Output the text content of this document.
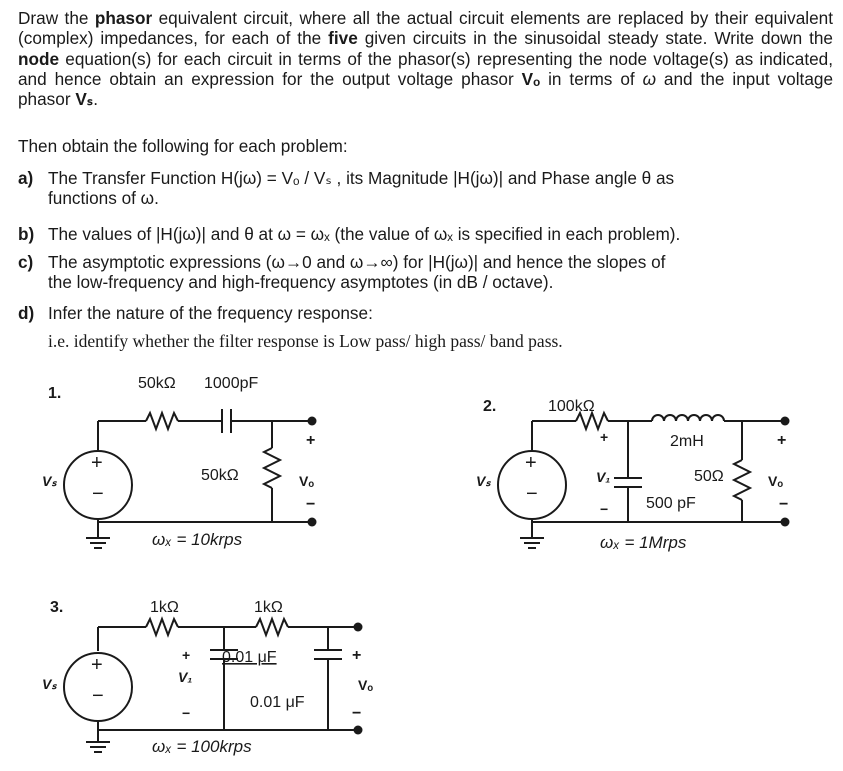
Draw the phasor equivalent circuit, where all the actual circuit elements are replaced by their equivalent (complex) impedances, for each of the five given circuits in the sinusoidal steady state. Write down the node equation(s) for each circuit in terms of the phasor(s) representing the node voltage(s) as indicated, and hence obtain an expression for the output voltage phasor Vₒ in terms of ω and the input voltage phasor Vₛ.
Then obtain the following for each problem:
a) The Transfer Function H(jω) = Vₒ / Vₛ , its Magnitude |H(jω)| and Phase angle θ as
functions of ω.
b) The values of |H(jω)| and θ at ω = ωₓ (the value of ωₓ is specified in each problem).
c) The asymptotic expressions (ω→0 and ω→∞) for |H(jω)| and hence the slopes of
the low-frequency and high-frequency asymptotes (in dB / octave).
d) Infer the nature of the frequency response:
i.e. identify whether the filter response is Low pass/ high pass/ band pass.
1.
50kΩ 1000pF
50kΩ
Vₛ	Vₒ
+
−
+
−
ωₓ = 10krps
2.	100kΩ
2mH
50Ω
500 pF
V₁
Vₛ	Vₒ
+
−
+
−
+
−
ωₓ = 1Mrps
3.	1kΩ	1kΩ
0.01 μF
0.01 μF
V₁
Vₛ	Vₒ
+
−
+
−
+
−
ωₓ = 100krps
